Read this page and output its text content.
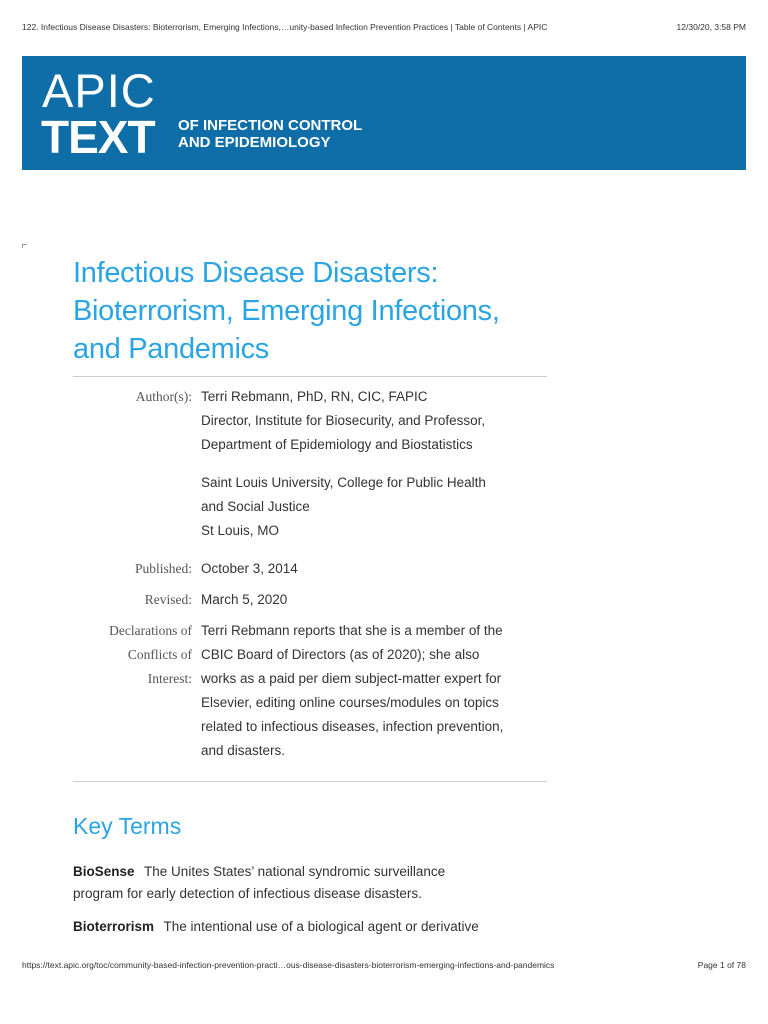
122. Infectious Disease Disasters: Bioterrorism, Emerging Infections,…unity-based Infection Prevention Practices | Table of Contents | APIC	12/30/20, 3:58 PM
APIC
TEXT OF INFECTION CONTROL
AND EPIDEMIOLOGY
Infectious Disease Disasters:
Bioterrorism, Emerging Infections,
and Pandemics
Author(s): Terri Rebmann, PhD, RN, CIC, FAPIC

Director, Institute for Biosecurity, and Professor,

Department of Epidemiology and Biostatistics

Saint Louis University, College for Public Health

and Social Justice

St Louis, MO

Published: October 3, 2014
Revised: March 5, 2020
Declarations of
Conflicts of
Interest:

Terri Rebmann reports that she is a member of the

CBIC Board of Directors (as of 2020); she also

works as a paid per diem subject-matter expert for

Elsevier, editing online courses/modules on topics

related to infectious diseases, infection prevention,

and disasters.

Key Terms

BioSense The Unites States’ national syndromic surveillance
program for early detection of infectious disease disasters.

Bioterrorism The intentional use of a biological agent or derivative

https://text.apic.org/toc/community-based-infection-prevention-practi…ous-disease-disasters-bioterrorism-emerging-infections-and-pandemics	Page 1 of 78
